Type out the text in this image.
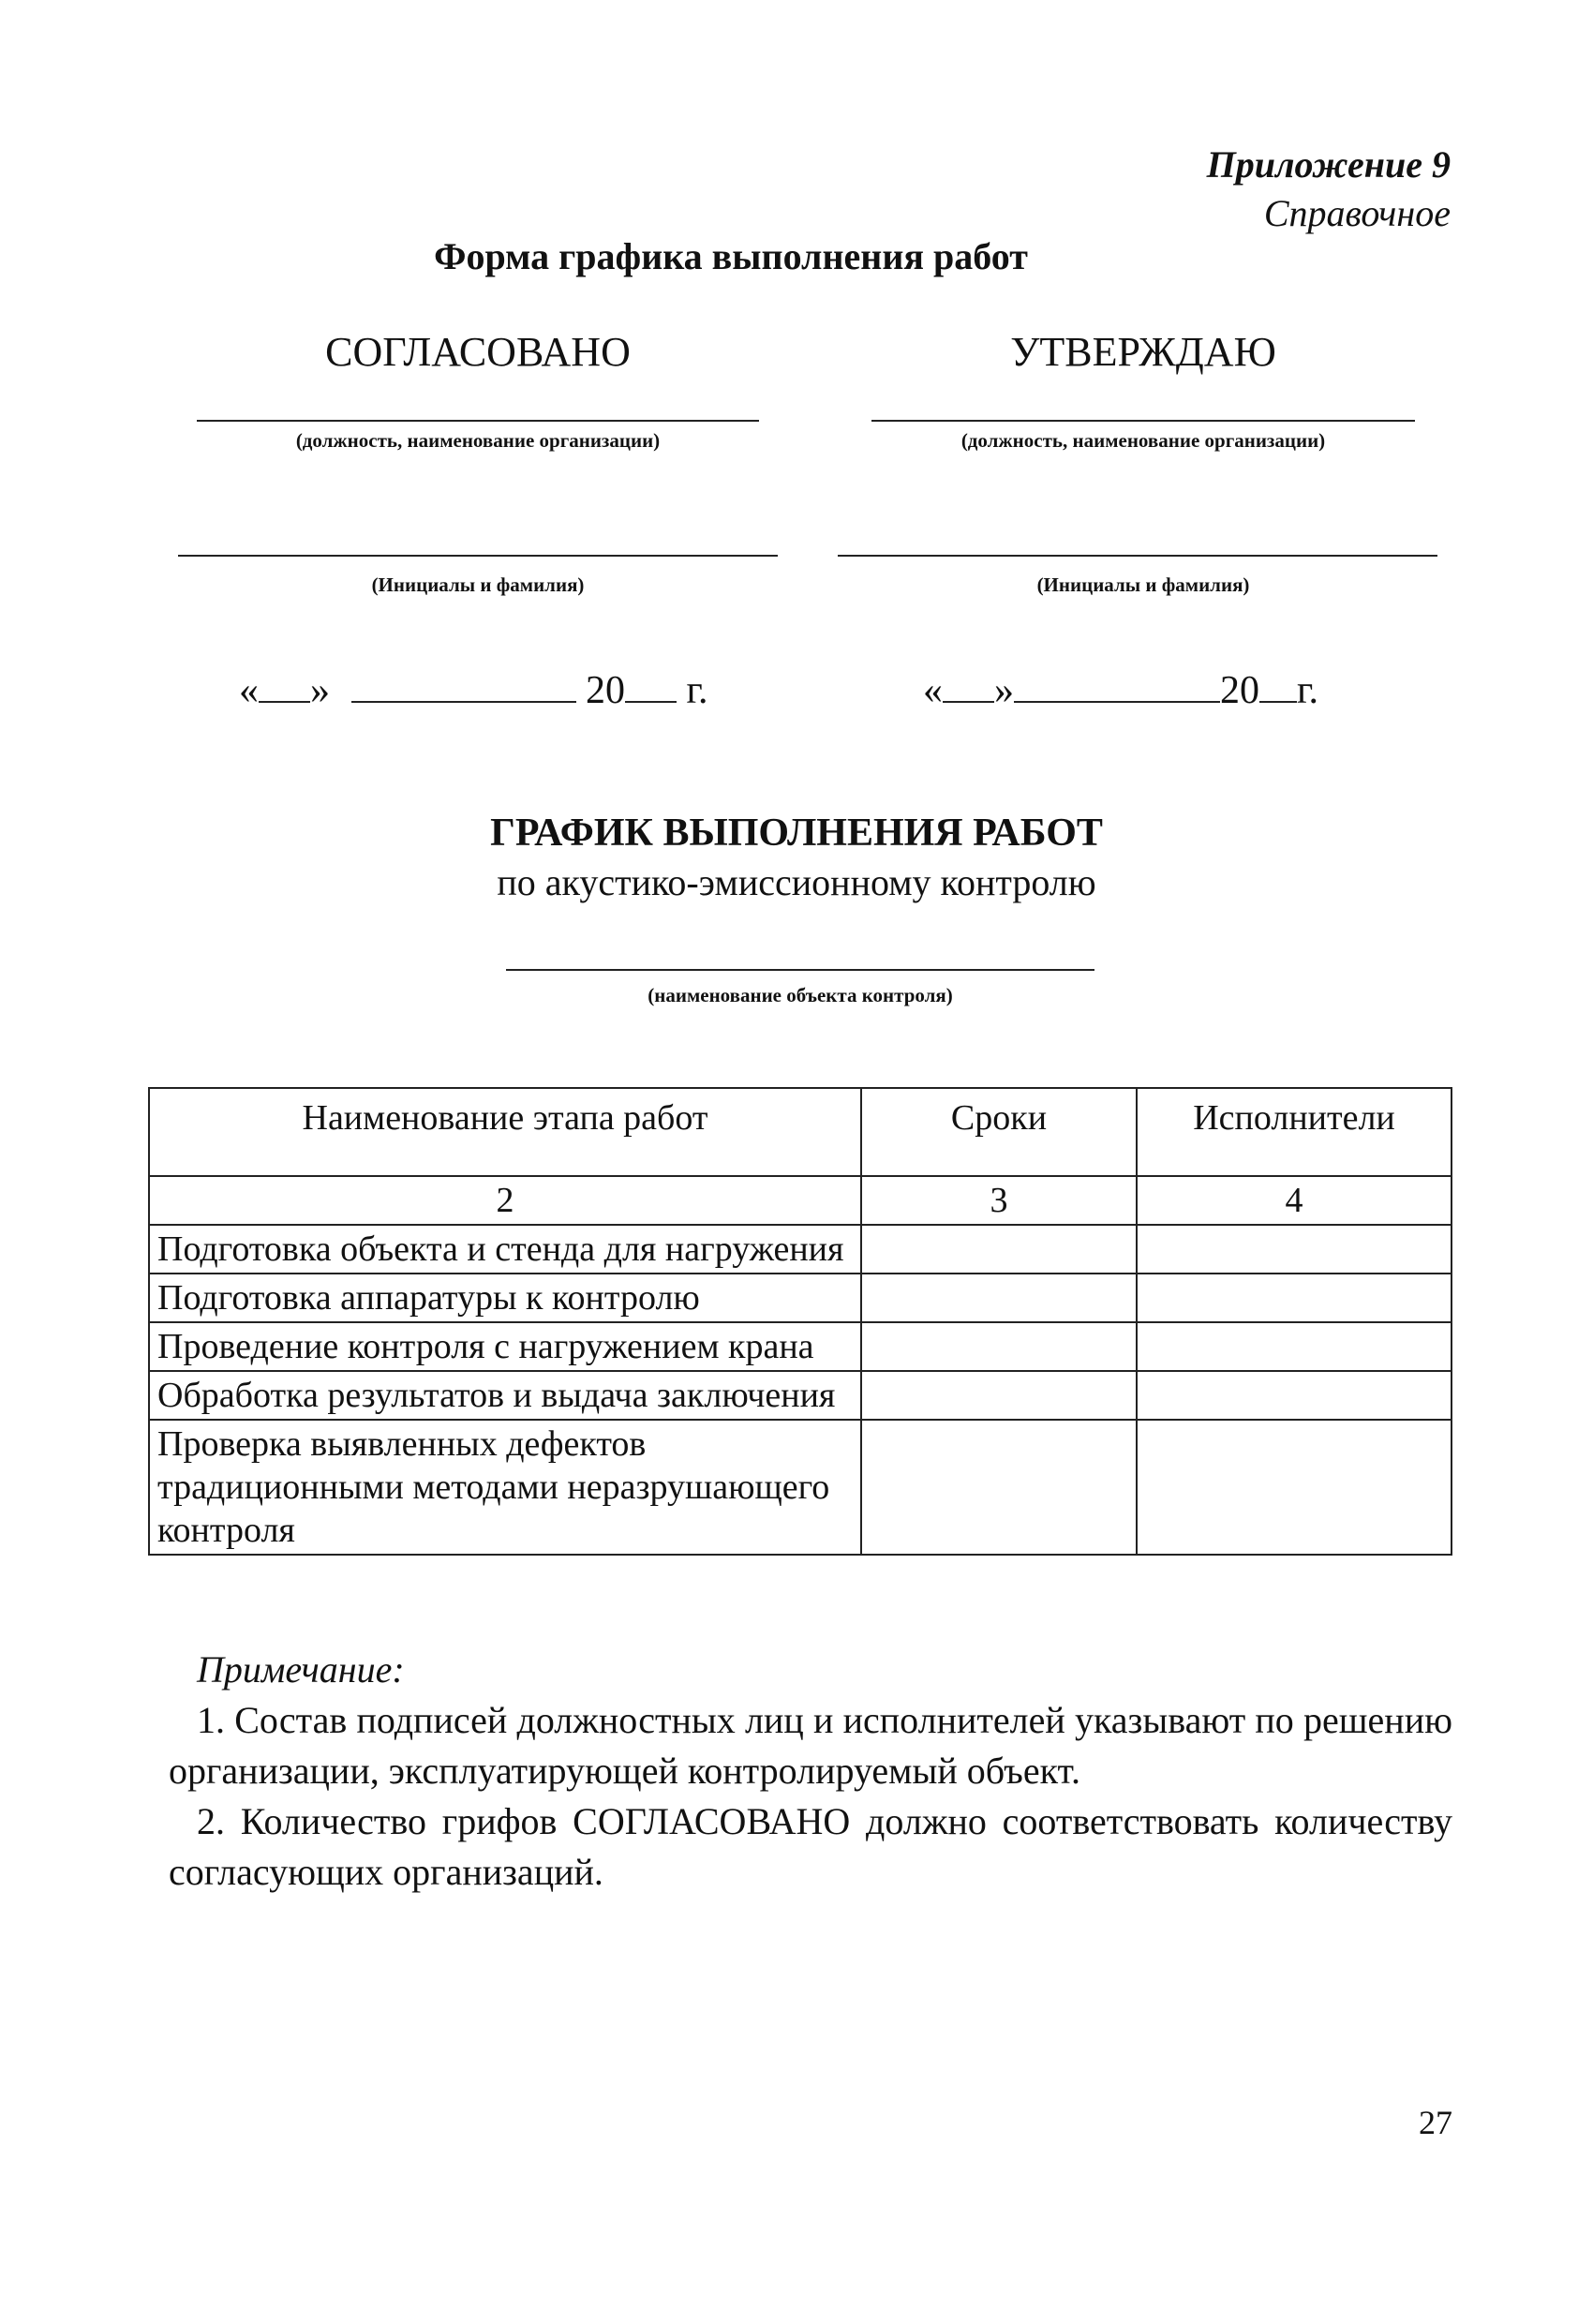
Приложение 9
Справочное
Форма графика выполнения работ
СОГЛАСОВАНО
(должность, наименование организации)
(Инициалы и фамилия)
« »	20 г.
УТВЕРЖДАЮ
(должность, наименование организации)
(Инициалы и фамилия)
« »	20 г.
ГРАФИК ВЫПОЛНЕНИЯ РАБОТ
по акустико-эмиссионному контролю
(наименование объекта контроля)
Наименование этапа работ	Сроки	Исполнители
2	3	4
Подготовка объекта и стенда для нагружения		
Подготовка аппаратуры к контролю		
Проведение контроля с нагружением крана		
Обработка результатов и выдача заключения		
Проверка выявленных дефектов традиционными методами неразрушающего контроля		
Примечание:
1. Состав подписей должностных лиц и исполнителей указывают по решению организации, эксплуатирующей контролируемый объект.
2. Количество грифов СОГЛАСОВАНО должно соответствовать количеству согласующих организаций.
27
